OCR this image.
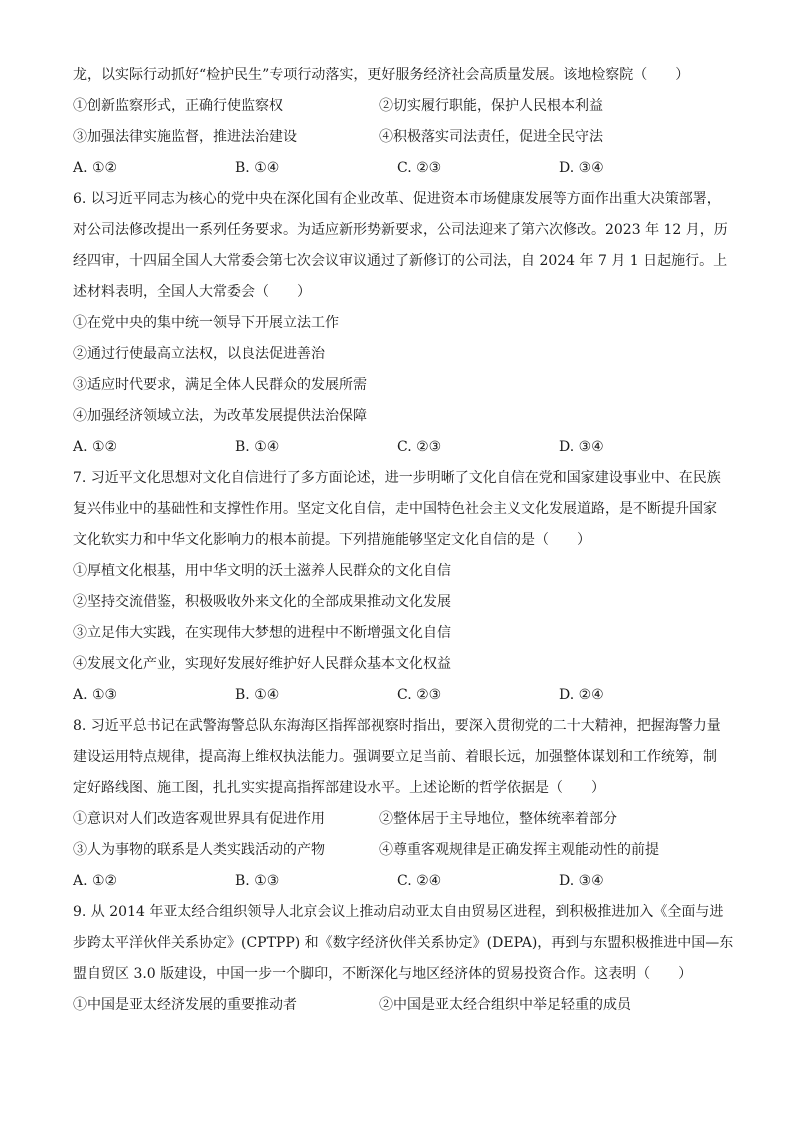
龙，以实际行动抓好“检护民生”专项行动落实，更好服务经济社会高质量发展。该地检察院（　　）
①创新监察形式，正确行使监察权	②切实履行职能，保护人民根本利益
③加强法律实施监督，推进法治建设	④积极落实司法责任，促进全民守法
A. ①②	B. ①④	C. ②③	D. ③④
6. 以习近平同志为核心的党中央在深化国有企业改革、促进资本市场健康发展等方面作出重大决策部署，
对公司法修改提出一系列任务要求。为适应新形势新要求，公司法迎来了第六次修改。2023 年 12 月，历
经四审，十四届全国人大常委会第七次会议审议通过了新修订的公司法，自 2024 年 7 月 1 日起施行。上
述材料表明，全国人大常委会（　　）
①在党中央的集中统一领导下开展立法工作
②通过行使最高立法权，以良法促进善治
③适应时代要求，满足全体人民群众的发展所需
④加强经济领域立法，为改革发展提供法治保障
A. ①②	B. ①④	C. ②③	D. ③④
7. 习近平文化思想对文化自信进行了多方面论述，进一步明晰了文化自信在党和国家建设事业中、在民族
复兴伟业中的基础性和支撑性作用。坚定文化自信，走中国特色社会主义文化发展道路，是不断提升国家
文化软实力和中华文化影响力的根本前提。下列措施能够坚定文化自信的是（　　）
①厚植文化根基，用中华文明的沃土滋养人民群众的文化自信
②坚持交流借鉴，积极吸收外来文化的全部成果推动文化发展
③立足伟大实践，在实现伟大梦想的进程中不断增强文化自信
④发展文化产业，实现好发展好维护好人民群众基本文化权益
A. ①③	B. ①④	C. ②③	D. ②④
8. 习近平总书记在武警海警总队东海海区指挥部视察时指出，要深入贯彻党的二十大精神，把握海警力量
建设运用特点规律，提高海上维权执法能力。强调要立足当前、着眼长远，加强整体谋划和工作统筹，制
定好路线图、施工图，扎扎实实提高指挥部建设水平。上述论断的哲学依据是（　　）
①意识对人们改造客观世界具有促进作用	②整体居于主导地位，整体统率着部分
③人为事物的联系是人类实践活动的产物	④尊重客观规律是正确发挥主观能动性的前提
A. ①②	B. ①③	C. ②④	D. ③④
9. 从 2014 年亚太经合组织领导人北京会议上推动启动亚太自由贸易区进程，到积极推进加入《全面与进
步跨太平洋伙伴关系协定》(CPTPP) 和《数字经济伙伴关系协定》(DEPA)，再到与东盟积极推进中国—东
盟自贸区 3.0 版建设，中国一步一个脚印，不断深化与地区经济体的贸易投资合作。这表明（　　）
①中国是亚太经济发展的重要推动者	②中国是亚太经合组织中举足轻重的成员
